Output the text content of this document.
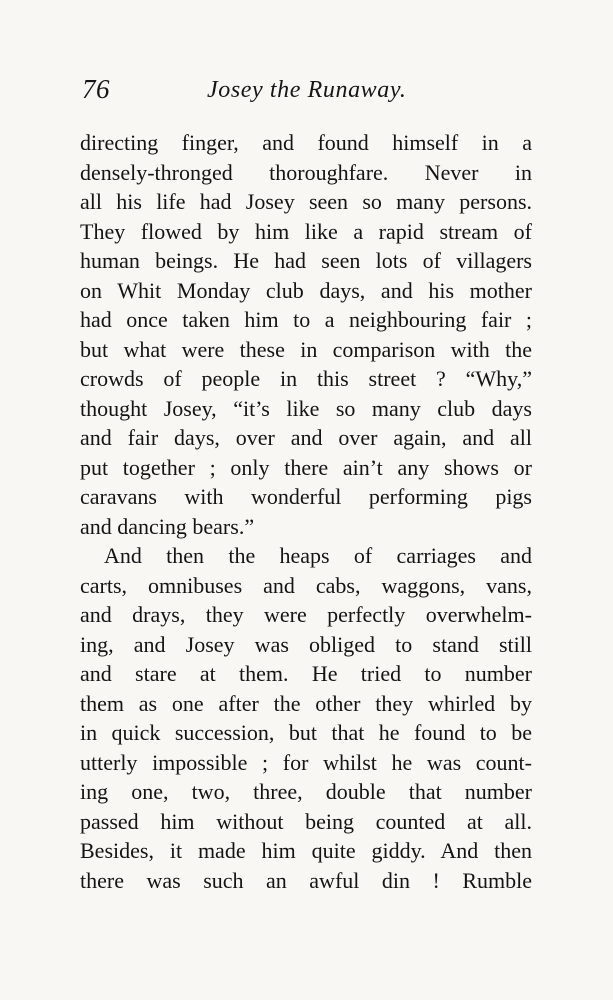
76	Josey the Runaway.
directing finger, and found himself in a
densely-thronged thoroughfare. Never in
all his life had Josey seen so many persons.
They flowed by him like a rapid stream of
human beings. He had seen lots of villagers
on Whit Monday club days, and his mother
had once taken him to a neighbouring fair ;
but what were these in comparison with the
crowds of people in this street ? “Why,”
thought Josey, “it’s like so many club days
and fair days, over and over again, and all
put together ; only there ain’t any shows or
caravans with wonderful performing pigs
and dancing bears.”
And then the heaps of carriages and
carts, omnibuses and cabs, waggons, vans,
and drays, they were perfectly overwhelm-
ing, and Josey was obliged to stand still
and stare at them. He tried to number
them as one after the other they whirled by
in quick succession, but that he found to be
utterly impossible ; for whilst he was count-
ing one, two, three, double that number
passed him without being counted at all.
Besides, it made him quite giddy. And then
there was such an awful din ! Rumble
